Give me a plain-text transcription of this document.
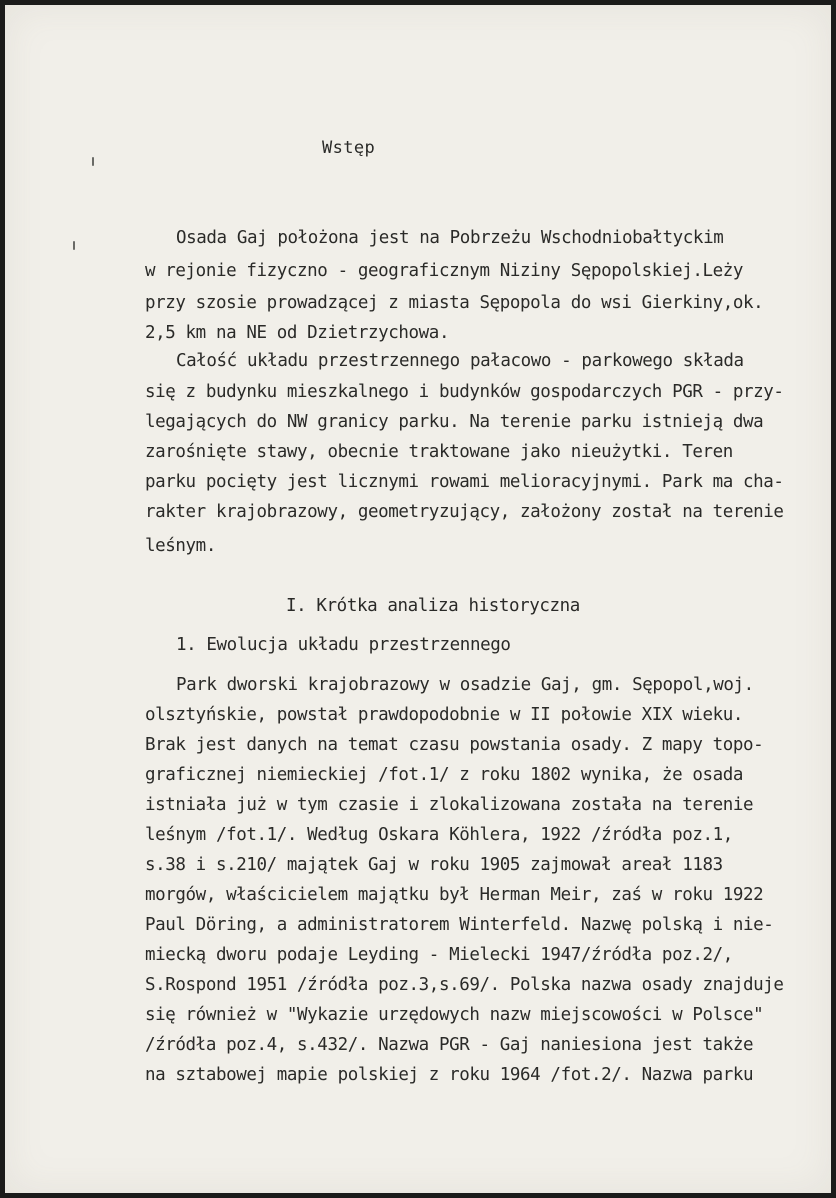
Wstęp

Osada Gaj położona jest na Pobrzeżu Wschodniobałtyckim

w rejonie fizyczno - geograficznym Niziny Sępopolskiej.Leży

przy szosie prowadzącej z miasta Sępopola do wsi Gierkiny,ok.

2,5 km na NE od Dzietrzychowa.

Całość układu przestrzennego pałacowo - parkowego składa

się z budynku mieszkalnego i budynków gospodarczych PGR - przy-

legających do NW granicy parku. Na terenie parku istnieją dwa

zarośnięte stawy, obecnie traktowane jako nieużytki. Teren

parku pocięty jest licznymi rowami melioracyjnymi. Park ma cha-

rakter krajobrazowy, geometryzujący, założony został na terenie

leśnym.

I. Krótka analiza historyczna

1. Ewolucja układu przestrzennego

Park dworski krajobrazowy w osadzie Gaj, gm. Sępopol,woj.

olsztyńskie, powstał prawdopodobnie w II połowie XIX wieku.

Brak jest danych na temat czasu powstania osady. Z mapy topo-

graficznej niemieckiej /fot.1/ z roku 1802 wynika, że osada

istniała już w tym czasie i zlokalizowana została na terenie

leśnym /fot.1/. Według Oskara Köhlera, 1922 /źródła poz.1,

s.38 i s.210/ majątek Gaj w roku 1905 zajmował areał 1183

morgów, właścicielem majątku był Herman Meir, zaś w roku 1922

Paul Döring, a administratorem Winterfeld. Nazwę polską i nie-

miecką dworu podaje Leyding - Mielecki 1947/źródła poz.2/,

S.Rospond 1951 /źródła poz.3,s.69/. Polska nazwa osady znajduje

się również w "Wykazie urzędowych nazw miejscowości w Polsce"

/źródła poz.4, s.432/. Nazwa PGR - Gaj naniesiona jest także

na sztabowej mapie polskiej z roku 1964 /fot.2/. Nazwa parku
